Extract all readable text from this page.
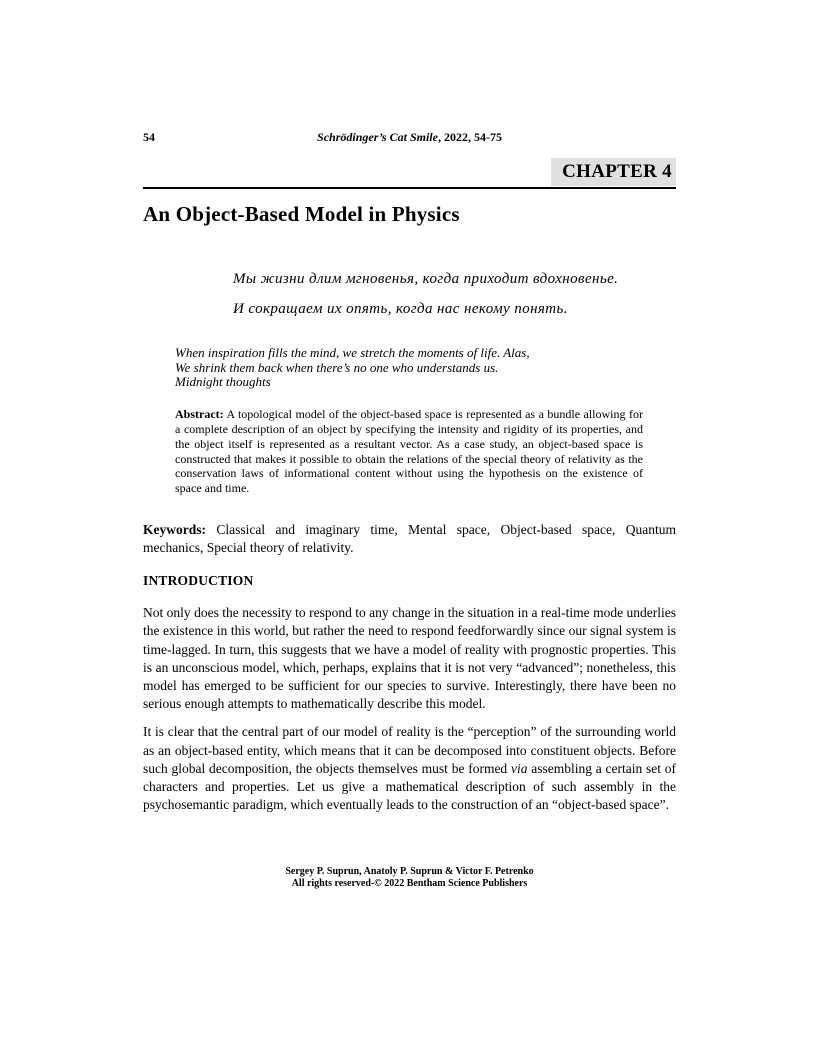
54	Schrödinger’s Cat Smile, 2022, 54-75
CHAPTER 4
An Object-Based Model in Physics
Мы жизни длим мгновенья, когда приходит вдохновенье.
И сокращаем их опять, когда нас некому понять.
When inspiration fills the mind, we stretch the moments of life. Alas,
We shrink them back when there’s no one who understands us.
Midnight thoughts

Abstract: A topological model of the object-based space is represented as a bundle allowing for a complete description of an object by specifying the intensity and rigidity of its properties, and the object itself is represented as a resultant vector. As a case study, an object-based space is constructed that makes it possible to obtain the relations of the special theory of relativity as the conservation laws of informational content without using the hypothesis on the existence of space and time.

Keywords: Classical and imaginary time, Mental space, Object-based space, Quantum mechanics, Special theory of relativity.

INTRODUCTION

Not only does the necessity to respond to any change in the situation in a real-time mode underlies the existence in this world, but rather the need to respond feedforwardly since our signal system is time-lagged. In turn, this suggests that we have a model of reality with prognostic properties. This is an unconscious model, which, perhaps, explains that it is not very “advanced”; nonetheless, this model has emerged to be sufficient for our species to survive. Interestingly, there have been no serious enough attempts to mathematically describe this model.

It is clear that the central part of our model of reality is the “perception” of the surrounding world as an object-based entity, which means that it can be decomposed into constituent objects. Before such global decomposition, the objects themselves must be formed via assembling a certain set of characters and properties. Let us give a mathematical description of such assembly in the psychosemantic paradigm, which eventually leads to the construction of an “object-based space”.

Sergey P. Suprun, Anatoly P. Suprun & Victor F. Petrenko
All rights reserved-© 2022 Bentham Science Publishers
